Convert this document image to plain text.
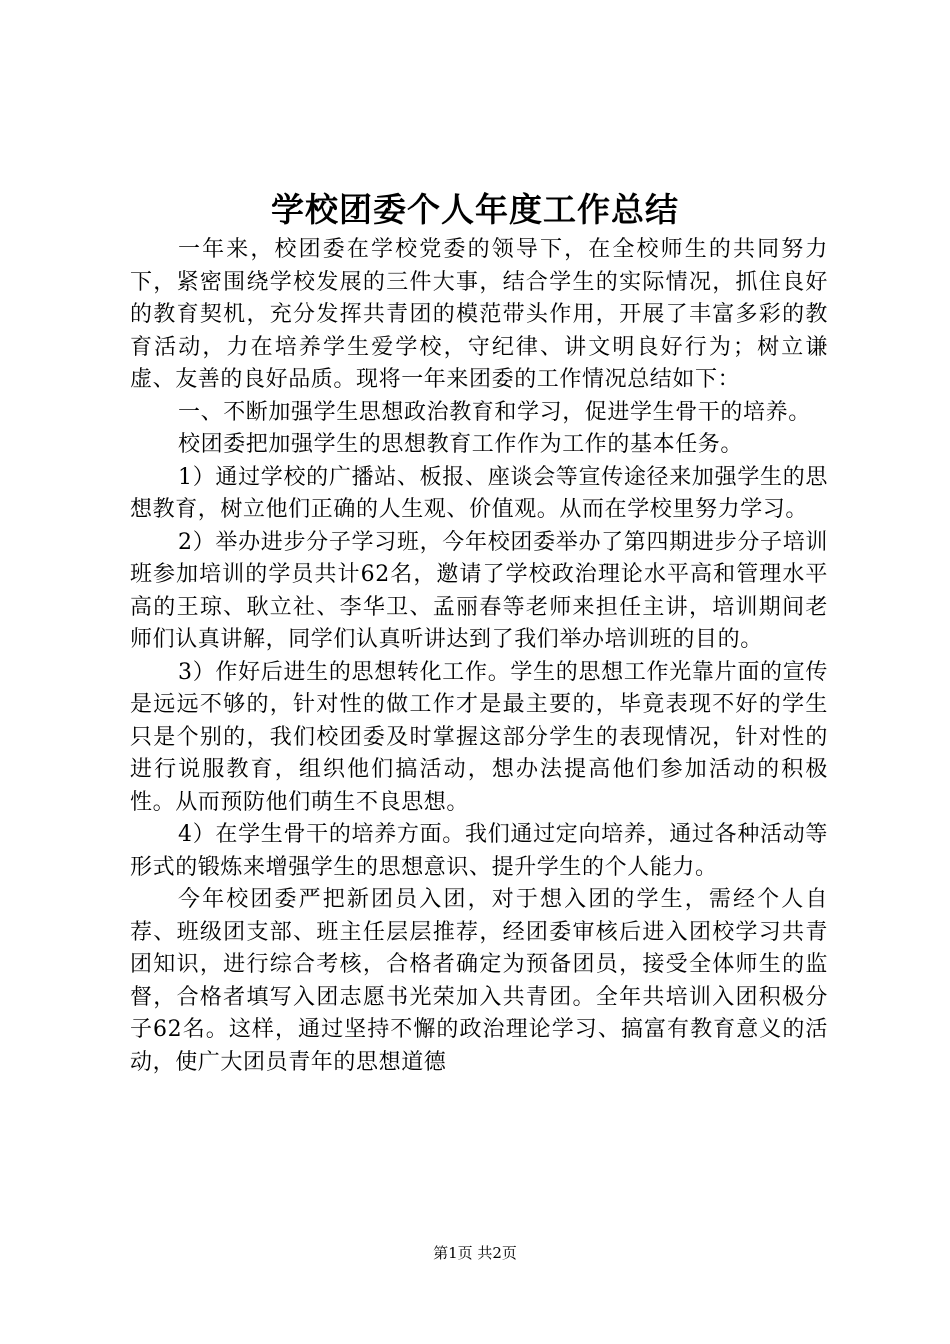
学校团委个人年度工作总结

一年来，校团委在学校党委的领导下，在全校师生的共同努力下，紧密围绕学校发展的三件大事，结合学生的实际情况，抓住良好的教育契机，充分发挥共青团的模范带头作用，开展了丰富多彩的教育活动，力在培养学生爱学校，守纪律、讲文明良好行为；树立谦虚、友善的良好品质。现将一年来团委的工作情况总结如下：

一、不断加强学生思想政治教育和学习，促进学生骨干的培养。

校团委把加强学生的思想教育工作作为工作的基本任务。

1）通过学校的广播站、板报、座谈会等宣传途径来加强学生的思想教育，树立他们正确的人生观、价值观。从而在学校里努力学习。

2）举办进步分子学习班，今年校团委举办了第四期进步分子培训班参加培训的学员共计62名，邀请了学校政治理论水平高和管理水平高的王琼、耿立社、李华卫、孟丽春等老师来担任主讲，培训期间老师们认真讲解，同学们认真听讲达到了我们举办培训班的目的。

3）作好后进生的思想转化工作。学生的思想工作光靠片面的宣传是远远不够的，针对性的做工作才是最主要的，毕竟表现不好的学生只是个别的，我们校团委及时掌握这部分学生的表现情况，针对性的进行说服教育，组织他们搞活动，想办法提高他们参加活动的积极性。从而预防他们萌生不良思想。

4）在学生骨干的培养方面。我们通过定向培养，通过各种活动等形式的锻炼来增强学生的思想意识、提升学生的个人能力。

今年校团委严把新团员入团，对于想入团的学生，需经个人自荐、班级团支部、班主任层层推荐，经团委审核后进入团校学习共青团知识，进行综合考核，合格者确定为预备团员，接受全体师生的监督，合格者填写入团志愿书光荣加入共青团。全年共培训入团积极分子62名。这样，通过坚持不懈的政治理论学习、搞富有教育意义的活动，使广大团员青年的思想道德

第1页 共2页
